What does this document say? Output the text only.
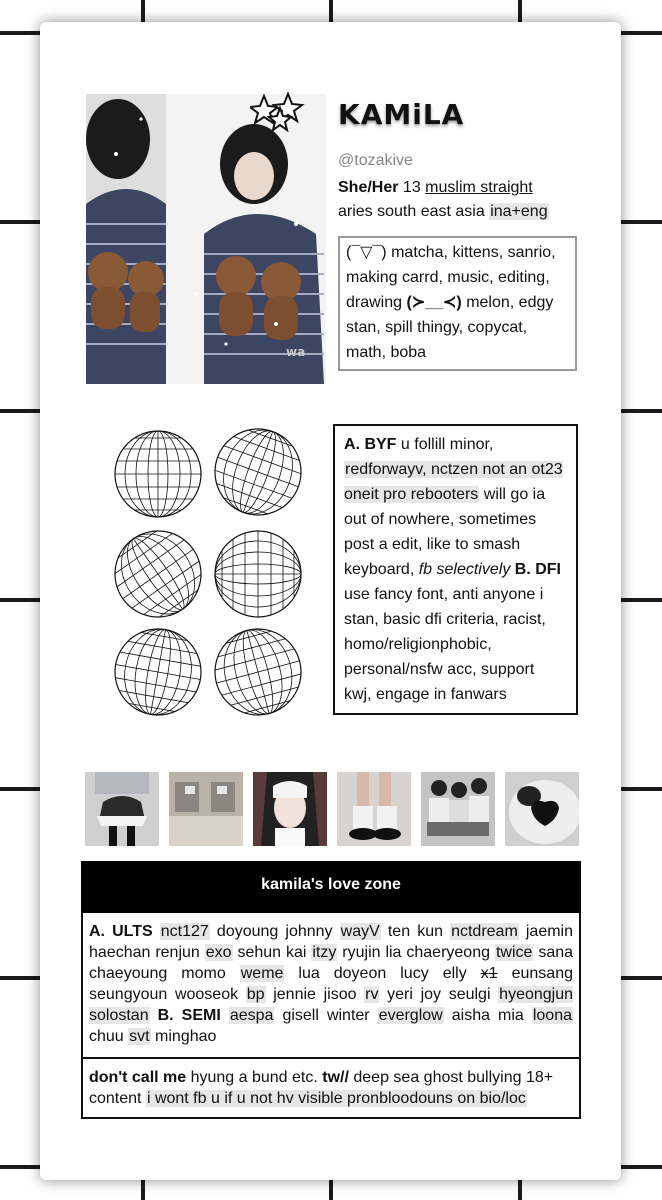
wa
KAMiLA
@tozakive
She/Her 13 muslim straight
aries south east asia ina+eng
(¯▽¯) matcha, kittens, sanrio, making carrd, music, editing, drawing (≻__≺) melon, edgy stan, spill thingy, copycat, math, boba
A. BYF u follill minor, redforwayv, nctzen not an ot23 oneit pro rebooters will go ia out of nowhere, sometimes post a edit, like to smash keyboard, fb selectively B. DFI use fancy font, anti anyone i stan, basic dfi criteria, racist, homo/religionphobic, personal/nsfw acc, support kwj, engage in fanwars
kamila's love zone
A. ULTS nct127 doyoung johnny wayV ten kun nctdream jaemin haechan renjun exo sehun kai itzy ryujin lia chaeryeong twice sana chaeyoung momo weme lua doyeon lucy elly x1 eunsang seungyoun wooseok bp jennie jisoo rv yeri joy seulgi hyeongjun solostan B. SEMI aespa gisell winter everglow aisha mia loona chuu svt minghao
don't call me hyung a bund etc. tw// deep sea ghost bullying 18+ content i wont fb u if u not hv visible pronbloodouns on bio/loc
